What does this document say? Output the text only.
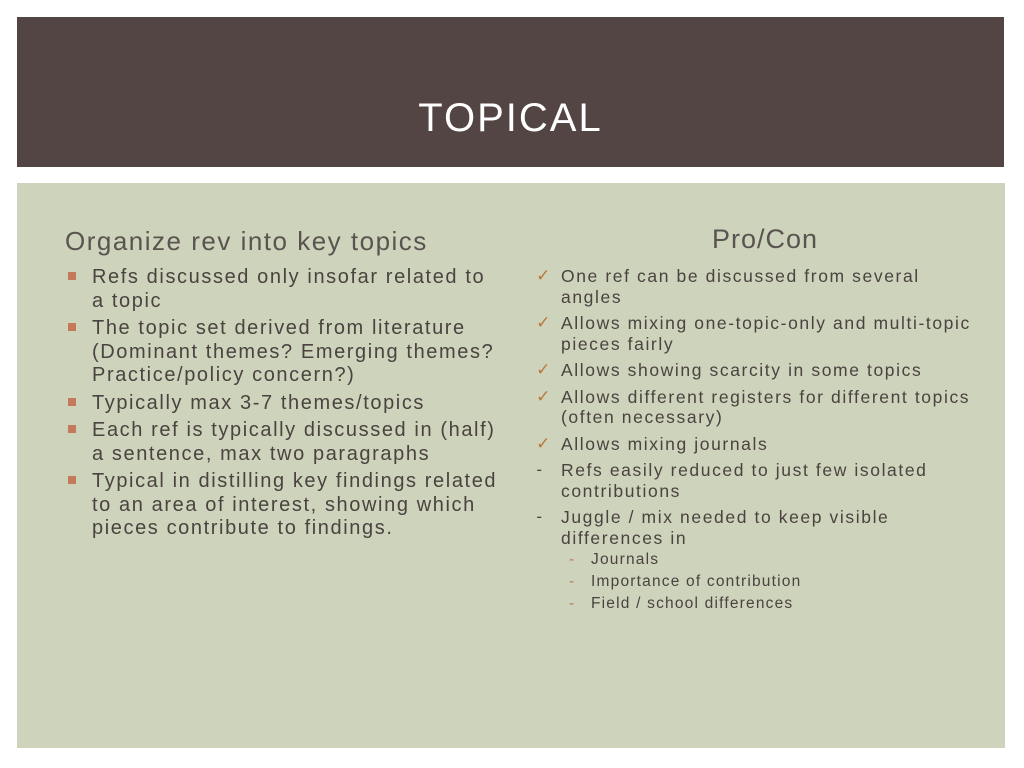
TOPICAL
Organize rev into key topics
Refs discussed only insofar related to a topic
The topic set derived from literature (Dominant themes? Emerging themes? Practice/policy concern?)
Typically max 3-7 themes/topics
Each ref is typically discussed in (half) a sentence, max two paragraphs
Typical in distilling key findings related to an area of interest, showing which pieces contribute to findings.
Pro/Con
✓ One ref can be discussed from several angles
✓ Allows mixing one-topic-only and multi-topic pieces fairly
✓ Allows showing scarcity in some topics
✓ Allows different registers for different topics (often necessary)
✓ Allows mixing journals
- Refs easily reduced to just few isolated contributions
- Juggle / mix needed to keep visible differences in
- Journals
- Importance of contribution
- Field / school differences
